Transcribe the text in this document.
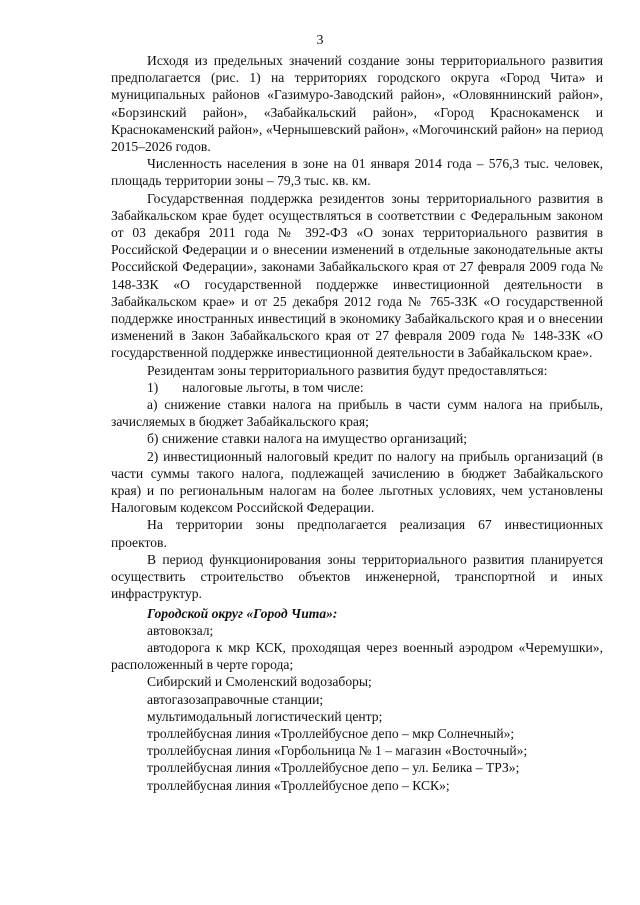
3

Исходя из предельных значений создание зоны территориального развития предполагается (рис. 1) на территориях городского округа «Город Чита» и муниципальных районов «Газимуро-Заводский район», «Оловяннинский район», «Борзинский район», «Забайкальский район», «Город Краснокаменск и Краснокаменский район», «Чернышевский район», «Могочинский район» на период 2015–2026 годов.

Численность населения в зоне на 01 января 2014 года – 576,3 тыс. человек, площадь территории зоны – 79,3 тыс. кв. км.

Государственная поддержка резидентов зоны территориального развития в Забайкальском крае будет осуществляться в соответствии с Федеральным законом от 03 декабря 2011 года № 392-ФЗ «О зонах территориального развития в Российской Федерации и о внесении изменений в отдельные законодательные акты Российской Федерации», законами Забайкальского края от 27 февраля 2009 года № 148-ЗЗК «О государственной поддержке инвестиционной деятельности в Забайкальском крае» и от 25 декабря 2012 года № 765-ЗЗК «О государственной поддержке иностранных инвестиций в экономику Забайкальского края и о внесении изменений в Закон Забайкальского края от 27 февраля 2009 года № 148-ЗЗК «О государственной поддержке инвестиционной деятельности в Забайкальском крае».

Резидентам зоны территориального развития будут предоставляться:

1)       налоговые льготы, в том числе:

а) снижение ставки налога на прибыль в части сумм налога на прибыль, зачисляемых в бюджет Забайкальского края;

б) снижение ставки налога на имущество организаций;

2) инвестиционный налоговый кредит по налогу на прибыль организаций (в части суммы такого налога, подлежащей зачислению в бюджет Забайкальского края) и по региональным налогам на более льготных условиях, чем установлены Налоговым кодексом Российской Федерации.

На территории зоны предполагается реализация 67 инвестиционных проектов.

В период функционирования зоны территориального развития планируется осуществить строительство объектов инженерной, транспортной и иных инфраструктур.

Городской округ «Город Чита»:

автовокзал;

автодорога к мкр КСК, проходящая через военный аэродром «Черемушки», расположенный в черте города;

Сибирский и Смоленский водозаборы;

автогазозаправочные станции;

мультимодальный логистический центр;

троллейбусная линия «Троллейбусное депо – мкр Солнечный»;

троллейбусная линия «Горбольница № 1 – магазин «Восточный»;

троллейбусная линия «Троллейбусное депо – ул. Белика – ТРЗ»;

троллейбусная линия «Троллейбусное депо – КСК»;
